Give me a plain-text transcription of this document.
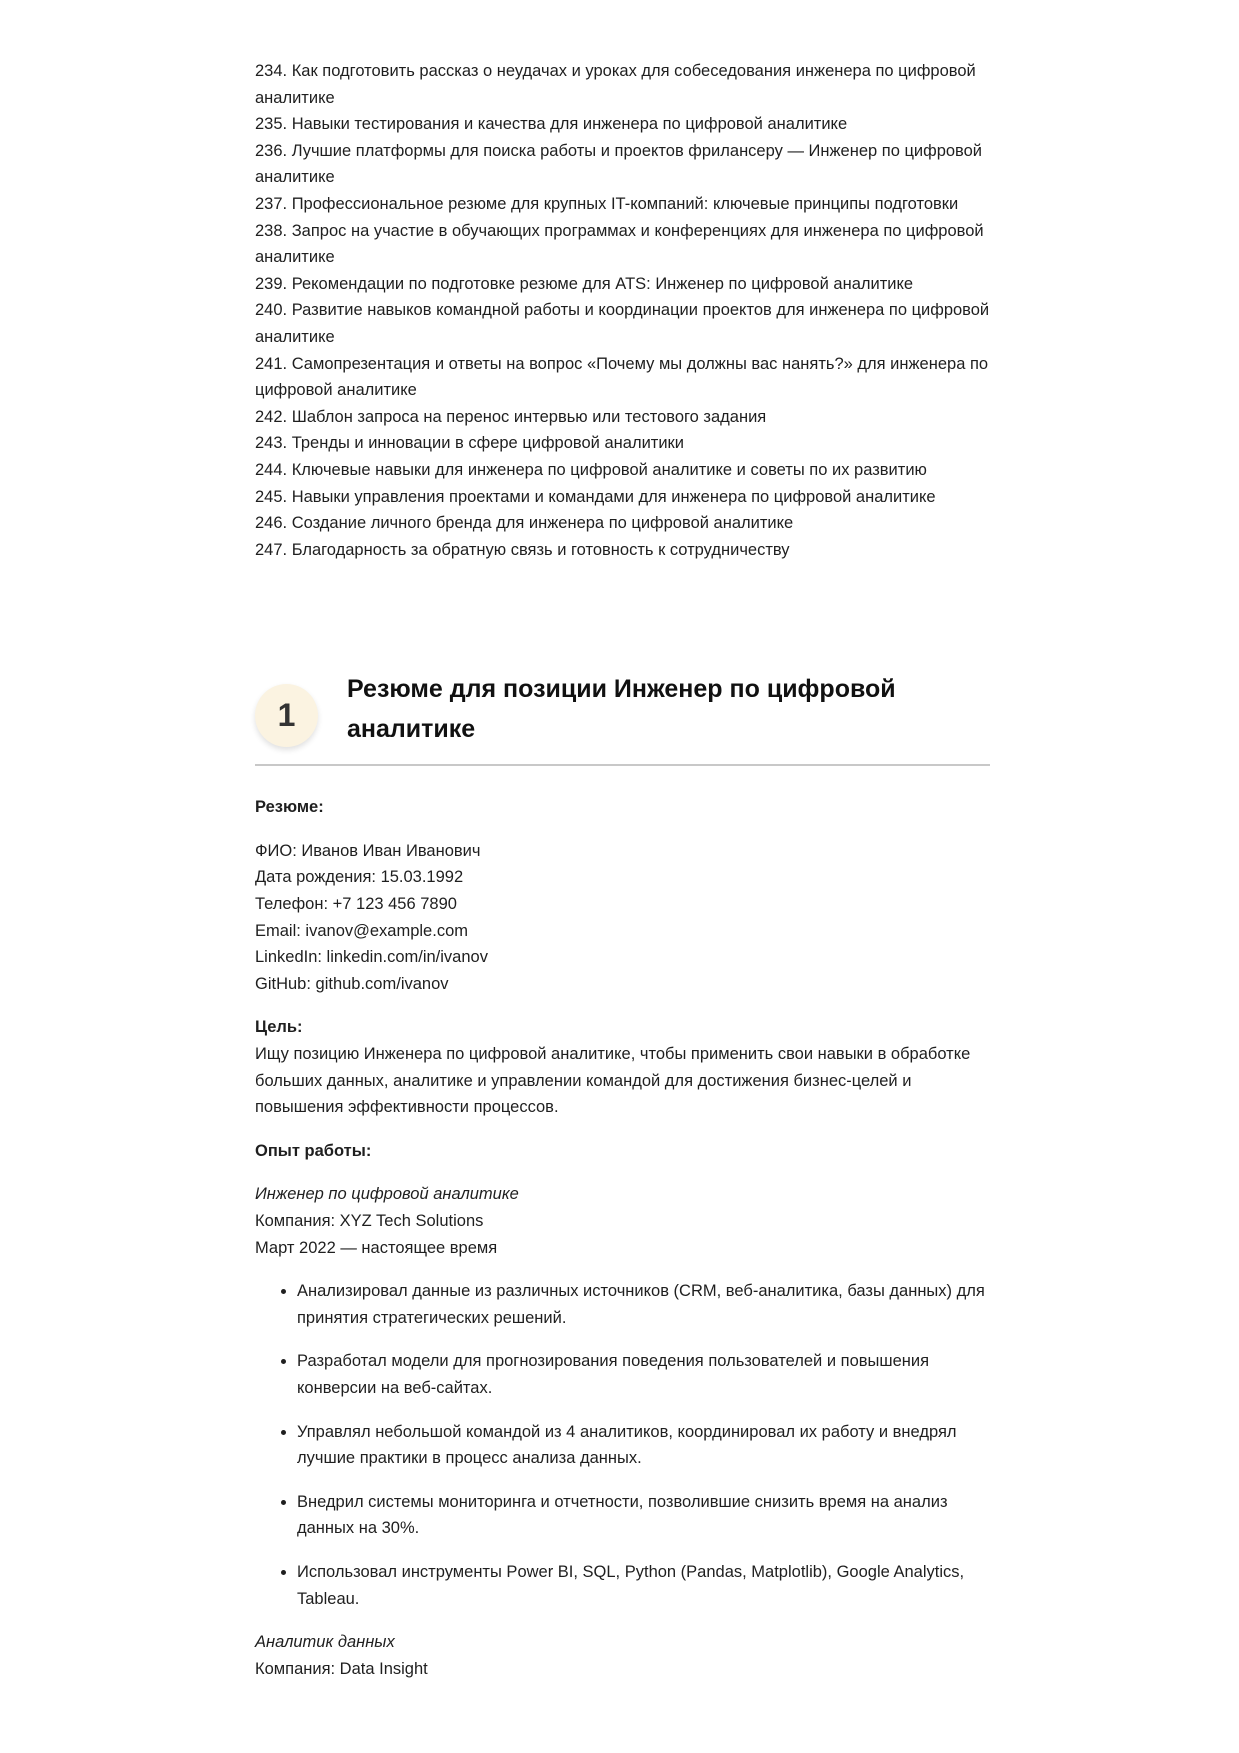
234. Как подготовить рассказ о неудачах и уроках для собеседования инженера по цифровой аналитике
235. Навыки тестирования и качества для инженера по цифровой аналитике
236. Лучшие платформы для поиска работы и проектов фрилансеру — Инженер по цифровой аналитике
237. Профессиональное резюме для крупных IT-компаний: ключевые принципы подготовки
238. Запрос на участие в обучающих программах и конференциях для инженера по цифровой аналитике
239. Рекомендации по подготовке резюме для ATS: Инженер по цифровой аналитике
240. Развитие навыков командной работы и координации проектов для инженера по цифровой аналитике
241. Самопрезентация и ответы на вопрос «Почему мы должны вас нанять?» для инженера по цифровой аналитике
242. Шаблон запроса на перенос интервью или тестового задания
243. Тренды и инновации в сфере цифровой аналитики
244. Ключевые навыки для инженера по цифровой аналитике и советы по их развитию
245. Навыки управления проектами и командами для инженера по цифровой аналитике
246. Создание личного бренда для инженера по цифровой аналитике
247. Благодарность за обратную связь и готовность к сотрудничеству
1
Резюме для позиции Инженер по цифровой аналитике

Резюме:

ФИО: Иванов Иван Иванович
Дата рождения: 15.03.1992
Телефон: +7 123 456 7890
Email: ivanov@example.com
LinkedIn: linkedin.com/in/ivanov
GitHub: github.com/ivanov

Цель:

Ищу позицию Инженера по цифровой аналитике, чтобы применить свои навыки в обработке больших данных, аналитике и управлении командой для достижения бизнес-целей и повышения эффективности процессов.

Опыт работы:

Инженер по цифровой аналитике
Компания: XYZ Tech Solutions
Март 2022 — настоящее время
• Анализировал данные из различных источников (CRM, веб-аналитика, базы данных) для принятия стратегических решений.
• Разработал модели для прогнозирования поведения пользователей и повышения конверсии на веб-сайтах.
• Управлял небольшой командой из 4 аналитиков, координировал их работу и внедрял лучшие практики в процесс анализа данных.
• Внедрил системы мониторинга и отчетности, позволившие снизить время на анализ данных на 30%.
• Использовал инструменты Power BI, SQL, Python (Pandas, Matplotlib), Google Analytics, Tableau.
Аналитик данных
Компания: Data Insight
